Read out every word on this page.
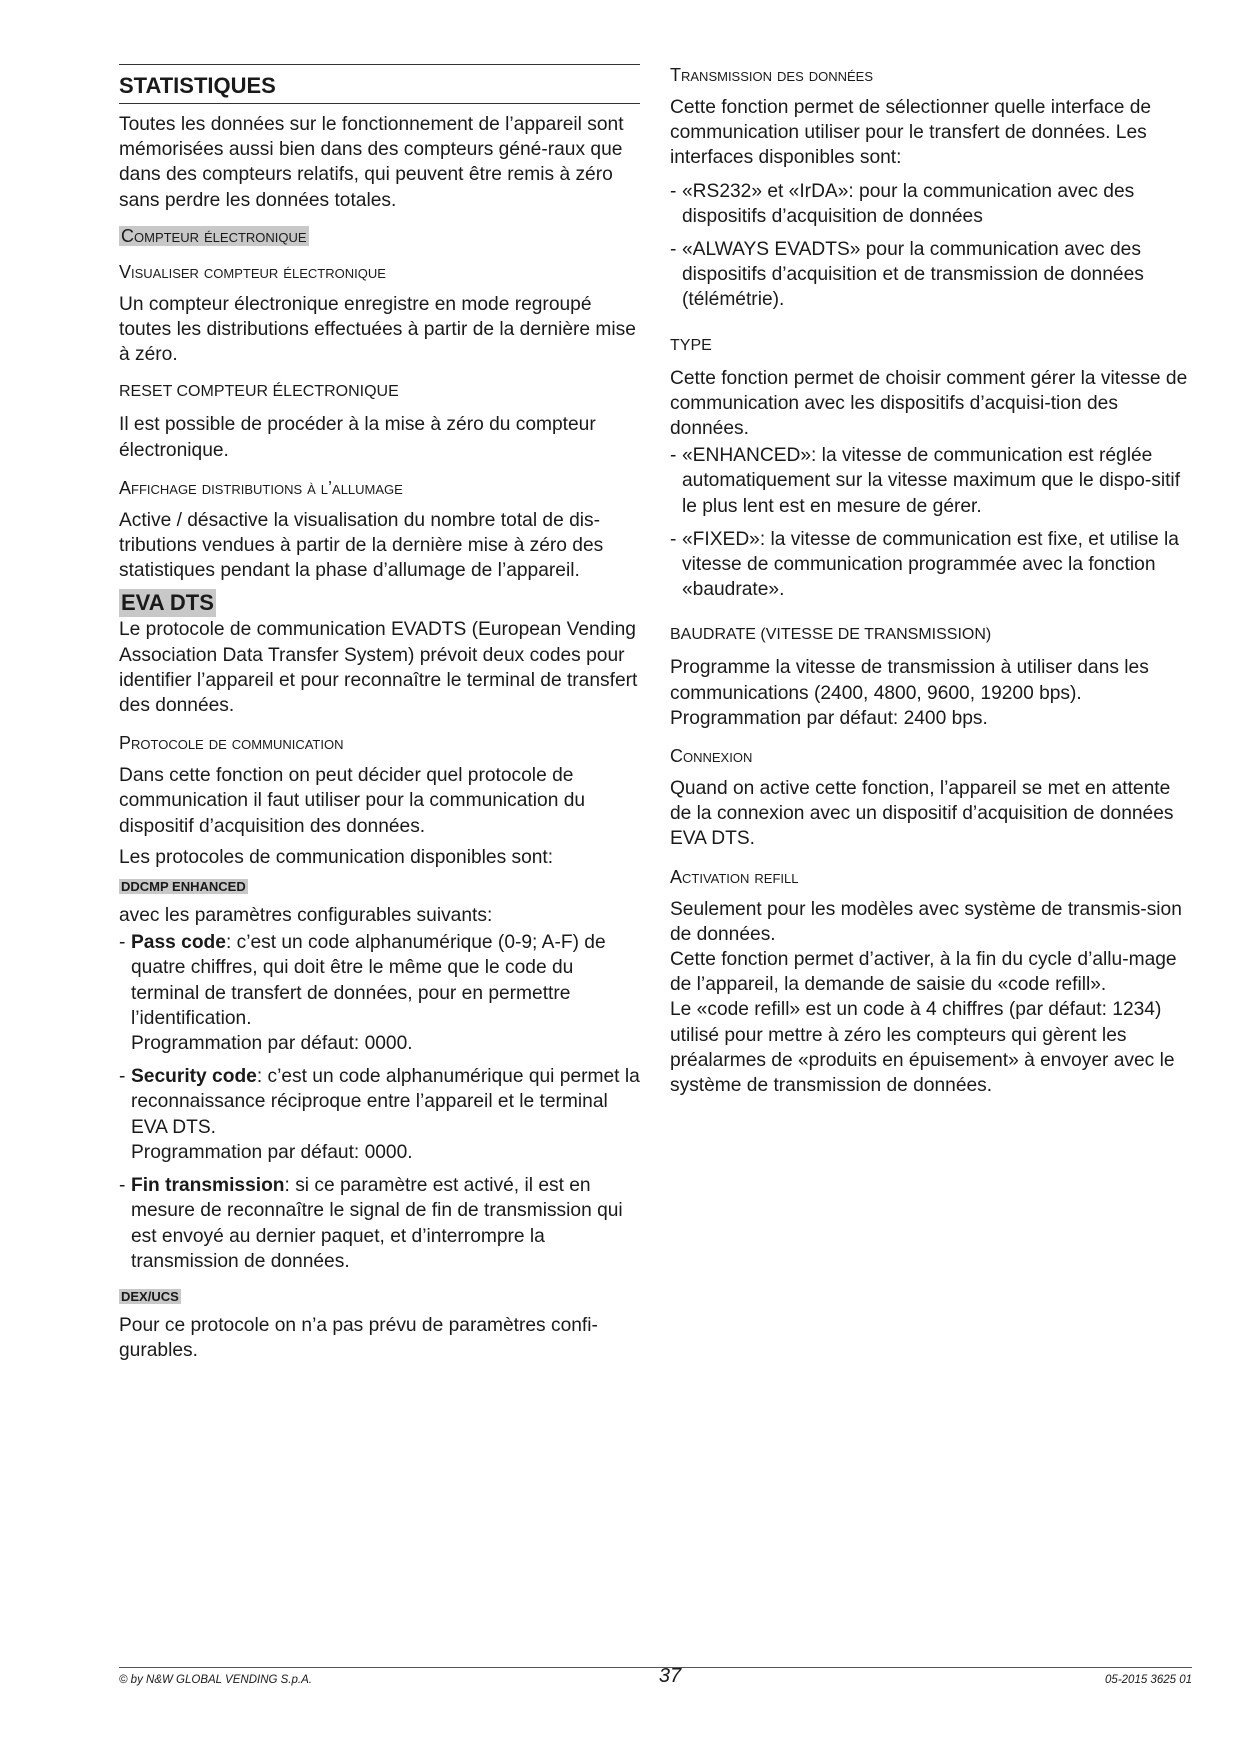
STATISTIQUES

Toutes les données sur le fonctionnement de l’appareil sont mémorisées aussi bien dans des compteurs géné-raux que dans des compteurs relatifs, qui peuvent être remis à zéro sans perdre les données totales.

Compteur électronique
Visualiser compteur électronique

Un compteur électronique enregistre en mode regroupé toutes les distributions effectuées à partir de la dernière mise à zéro.

RESET COMPTEUR ÉLECTRONIQUE

Il est possible de procéder à la mise à zéro du compteur électronique.

Affichage distributions à l’allumage

Active / désactive la visualisation du nombre total de dis-tributions vendues à partir de la dernière mise à zéro des statistiques pendant la phase d’allumage de l’appareil.

EVA DTS

Le protocole de communication EVADTS (European Vending Association Data Transfer System) prévoit deux codes pour identifier l’appareil et pour reconnaître le terminal de transfert des données.

Protocole de communication

Dans cette fonction on peut décider quel protocole de communication il faut utiliser pour la communication du dispositif d’acquisition des données.

Les protocoles de communication disponibles sont:

DDCMP ENHANCED

avec les paramètres configurables suivants:

- Pass code: c’est un code alphanumérique (0-9; A-F) de quatre chiffres, qui doit être le même que le code du terminal de transfert de données, pour en permettre l’identification.
Programmation par défaut: 0000.
- Security code: c’est un code alphanumérique qui permet la reconnaissance réciproque entre l’appareil et le terminal EVA DTS.
Programmation par défaut: 0000.
- Fin transmission: si ce paramètre est activé, il est en mesure de reconnaître le signal de fin de transmission qui est envoyé au dernier paquet, et d’interrompre la transmission de données.
DEX/UCS

Pour ce protocole on n’a pas prévu de paramètres confi-gurables.

Transmission des données

Cette fonction permet de sélectionner quelle interface de communication utiliser pour le transfert de données. Les interfaces disponibles sont:

- «RS232» et «IrDA»: pour la communication avec des dispositifs d’acquisition de données
- «ALWAYS EVADTS» pour la communication avec des dispositifs d’acquisition et de transmission de données (télémétrie).
TYPE

Cette fonction permet de choisir comment gérer la vitesse de communication avec les dispositifs d’acquisi-tion des données.

- «ENHANCED»: la vitesse de communication est réglée automatiquement sur la vitesse maximum que le dispo-sitif le plus lent est en mesure de gérer.
- «FIXED»: la vitesse de communication est fixe, et utilise la vitesse de communication programmée avec la fonction «baudrate».
BAUDRATE (VITESSE DE TRANSMISSION)

Programme la vitesse de transmission à utiliser dans les communications (2400, 4800, 9600, 19200 bps). Programmation par défaut: 2400 bps.

Connexion

Quand on active cette fonction, l’appareil se met en attente de la connexion avec un dispositif d’acquisition de données EVA DTS.

Activation refill

Seulement pour les modèles avec système de transmis-sion de données.

Cette fonction permet d’activer, à la fin du cycle d’allu-mage de l’appareil, la demande de saisie du «code refill».

Le «code refill» est un code à 4 chiffres (par défaut: 1234) utilisé pour mettre à zéro les compteurs qui gèrent les préalarmes de «produits en épuisement» à envoyer avec le système de transmission de données.

© by N&W GLOBAL VENDING S.p.A.	37	05-2015 3625 01
